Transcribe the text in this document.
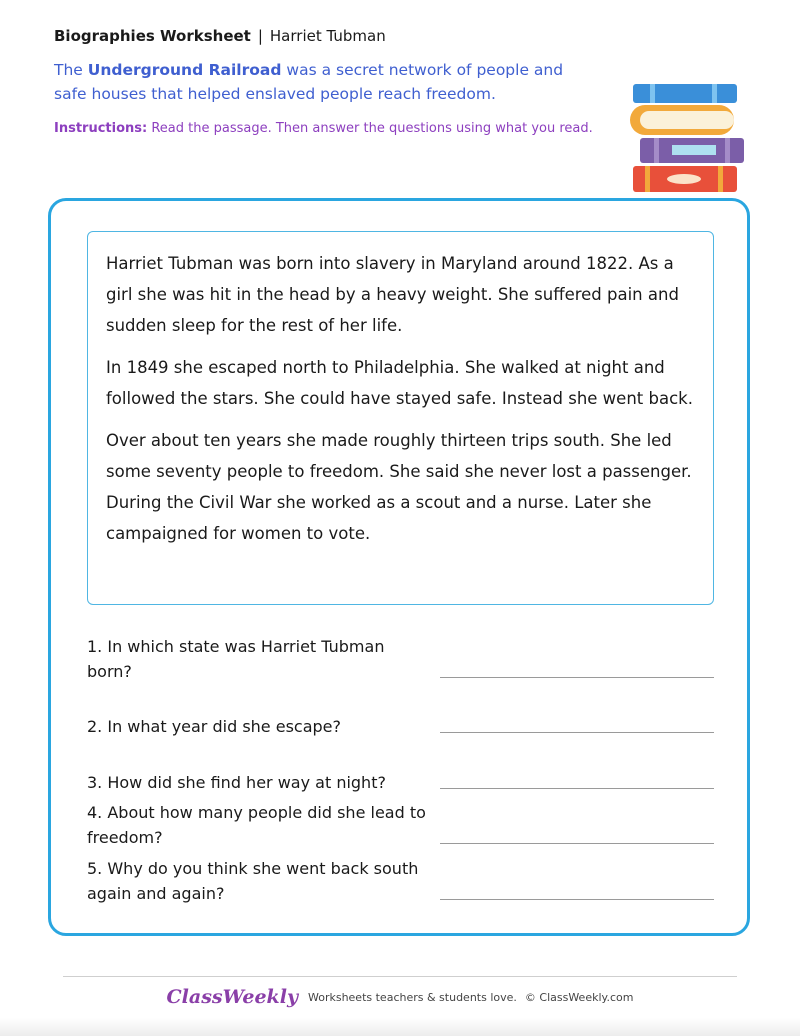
Biographies Worksheet | Harriet Tubman
The Underground Railroad was a secret network of people and safe houses that helped enslaved people reach freedom.
Instructions: Read the passage. Then answer the questions using what you read.

Harriet Tubman was born into slavery in Maryland around 1822. As a girl she was hit in the head by a heavy weight. She suffered pain and sudden sleep for the rest of her life.

In 1849 she escaped north to Philadelphia. She walked at night and followed the stars. She could have stayed safe. Instead she went back.

Over about ten years she made roughly thirteen trips south. She led some seventy people to freedom. She said she never lost a passenger. During the Civil War she worked as a scout and a nurse. Later she campaigned for women to vote.

1. In which state was Harriet Tubman born?
2. In what year did she escape?
3. How did she find her way at night?
4. About how many people did she lead to freedom?
5. Why do you think she went back south again and again?
ClassWeekly Worksheets teachers & students love. © ClassWeekly.com
